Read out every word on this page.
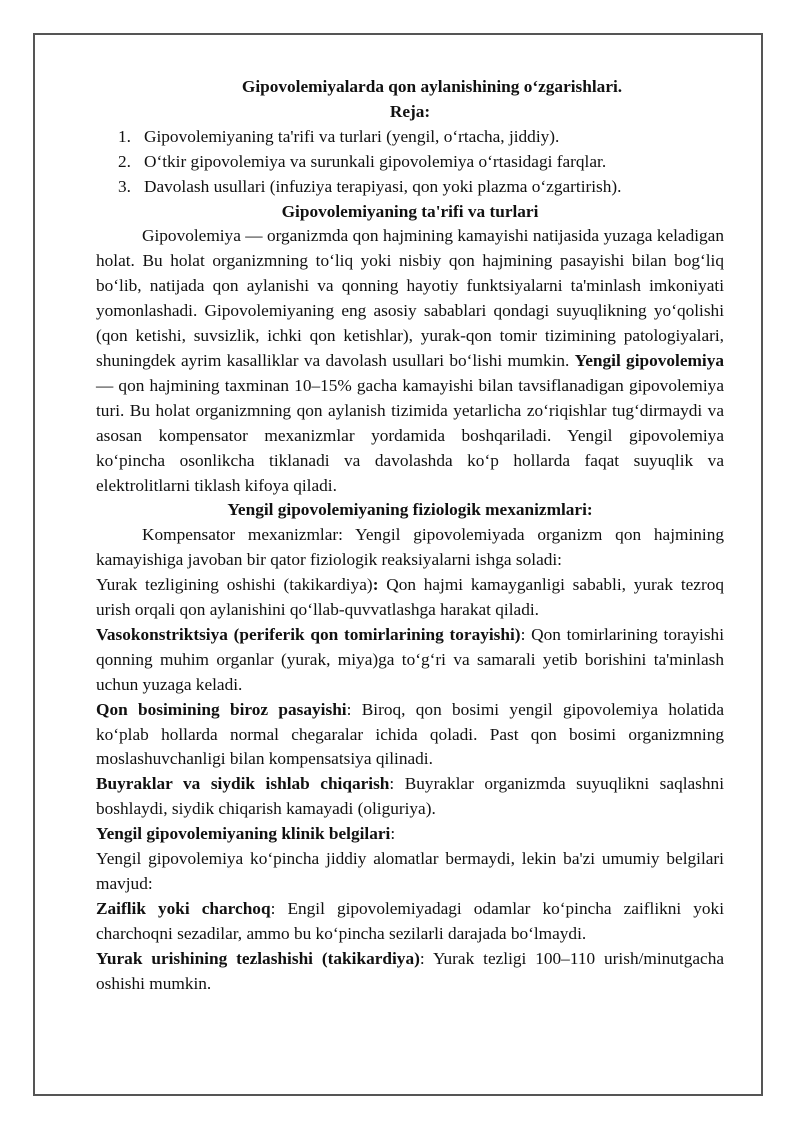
Gipovolemiyalarda qon aylanishining o‘zgarishlari.
Reja:
1. Gipovolemiyaning ta'rifi va turlari (yengil, o‘rtacha, jiddiy).
2. O‘tkir gipovolemiya va surunkali gipovolemiya o‘rtasidagi farqlar.
3. Davolash usullari (infuziya terapiyasi, qon yoki plazma o‘zgartirish).
Gipovolemiyaning ta'rifi va turlari

Gipovolemiya — organizmda qon hajmining kamayishi natijasida yuzaga keladigan holat. Bu holat organizmning to‘liq yoki nisbiy qon hajmining pasayishi bilan bog‘liq bo‘lib, natijada qon aylanishi va qonning hayotiy funktsiyalarni ta'minlash imkoniyati yomonlashadi. Gipovolemiyaning eng asosiy sabablari qondagi suyuqlikning yo‘qolishi (qon ketishi, suvsizlik, ichki qon ketishlar), yurak-qon tomir tizimining patologiyalari, shuningdek ayrim kasalliklar va davolash usullari bo‘lishi mumkin. Yengil gipovolemiya — qon hajmining taxminan 10–15% gacha kamayishi bilan tavsiflanadigan gipovolemiya turi. Bu holat organizmning qon aylanish tizimida yetarlicha zo‘riqishlar tug‘dirmaydi va asosan kompensator mexanizmlar yordamida boshqariladi. Yengil gipovolemiya ko‘pincha osonlikcha tiklanadi va davolashda ko‘p hollarda faqat suyuqlik va elektrolitlarni tiklash kifoya qiladi.

Yengil gipovolemiyaning fiziologik mexanizmlari:

Kompensator mexanizmlar: Yengil gipovolemiyada organizm qon hajmining kamayishiga javoban bir qator fiziologik reaksiyalarni ishga soladi:

Yurak tezligining oshishi (takikardiya): Qon hajmi kamayganligi sababli, yurak tezroq urish orqali qon aylanishini qo‘llab-quvvatlashga harakat qiladi.

Vasokonstriktsiya (periferik qon tomirlarining torayishi): Qon tomirlarining torayishi qonning muhim organlar (yurak, miya)ga to‘g‘ri va samarali yetib borishini ta'minlash uchun yuzaga keladi.

Qon bosimining biroz pasayishi: Biroq, qon bosimi yengil gipovolemiya holatida ko‘plab hollarda normal chegaralar ichida qoladi. Past qon bosimi organizmning moslashuvchanligi bilan kompensatsiya qilinadi.

Buyraklar va siydik ishlab chiqarish: Buyraklar organizmda suyuqlikni saqlashni boshlaydi, siydik chiqarish kamayadi (oliguriya).

Yengil gipovolemiyaning klinik belgilari:

Yengil gipovolemiya ko‘pincha jiddiy alomatlar bermaydi, lekin ba'zi umumiy belgilari mavjud:

Zaiflik yoki charchoq: Engil gipovolemiyadagi odamlar ko‘pincha zaiflikni yoki charchoqni sezadilar, ammo bu ko‘pincha sezilarli darajada bo‘lmaydi.

Yurak urishining tezlashishi (takikardiya): Yurak tezligi 100–110 urish/minutgacha oshishi mumkin.
